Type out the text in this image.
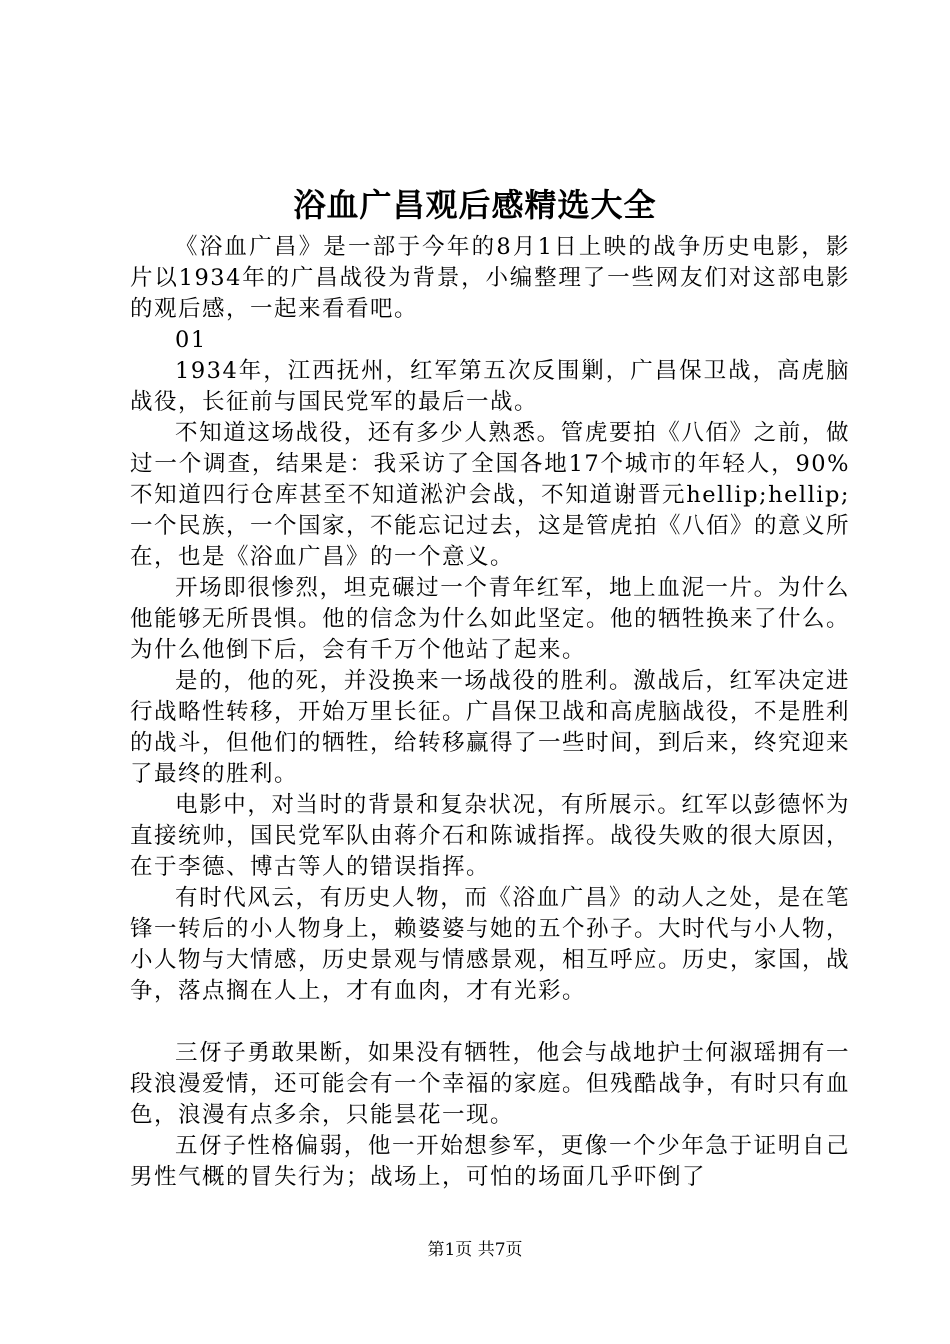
浴血广昌观后感精选大全

《浴血广昌》是一部于今年的8月1日上映的战争历史电影，影片以1934年的广昌战役为背景，小编整理了一些网友们对这部电影的观后感，一起来看看吧。

01

1934年，江西抚州，红军第五次反围剿，广昌保卫战，高虎脑战役，长征前与国民党军的最后一战。

不知道这场战役，还有多少人熟悉。管虎要拍《八佰》之前，做过一个调查，结果是：我采访了全国各地17个城市的年轻人，90%不知道四行仓库甚至不知道淞沪会战，不知道谢晋元hellip;hellip;一个民族，一个国家，不能忘记过去，这是管虎拍《八佰》的意义所在，也是《浴血广昌》的一个意义。

开场即很惨烈，坦克碾过一个青年红军，地上血泥一片。为什么他能够无所畏惧。他的信念为什么如此坚定。他的牺牲换来了什么。为什么他倒下后，会有千万个他站了起来。

是的，他的死，并没换来一场战役的胜利。激战后，红军决定进行战略性转移，开始万里长征。广昌保卫战和高虎脑战役，不是胜利的战斗，但他们的牺牲，给转移赢得了一些时间，到后来，终究迎来了最终的胜利。

电影中，对当时的背景和复杂状况，有所展示。红军以彭德怀为直接统帅，国民党军队由蒋介石和陈诚指挥。战役失败的很大原因，在于李德、博古等人的错误指挥。

有时代风云，有历史人物，而《浴血广昌》的动人之处，是在笔锋一转后的小人物身上，赖婆婆与她的五个孙子。大时代与小人物，小人物与大情感，历史景观与情感景观，相互呼应。历史，家国，战争，落点搁在人上，才有血肉，才有光彩。

三伢子勇敢果断，如果没有牺牲，他会与战地护士何淑瑶拥有一段浪漫爱情，还可能会有一个幸福的家庭。但残酷战争，有时只有血色，浪漫有点多余，只能昙花一现。

五伢子性格偏弱，他一开始想参军，更像一个少年急于证明自己男性气概的冒失行为；战场上，可怕的场面几乎吓倒了

第1页 共7页
